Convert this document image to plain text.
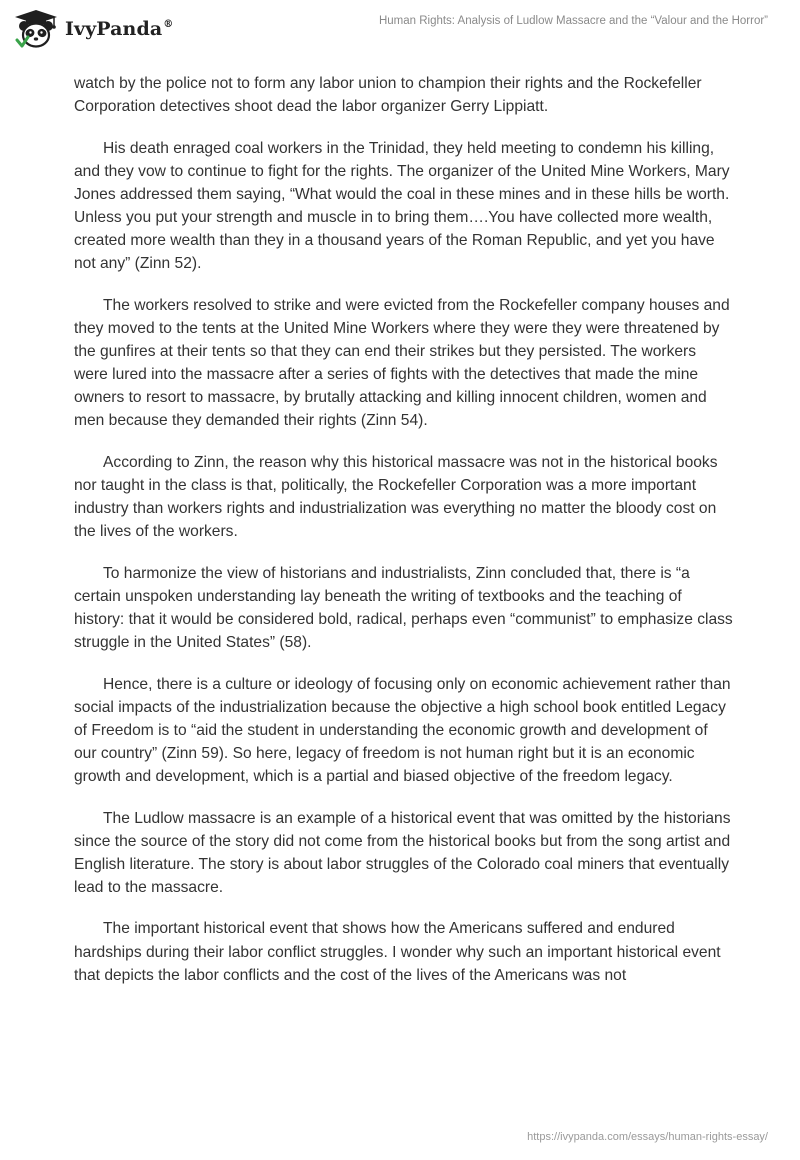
IvyPanda®	Human Rights: Analysis of Ludlow Massacre and the “Valour and the Horror”

watch by the police not to form any labor union to champion their rights and the Rockefeller Corporation detectives shoot dead the labor organizer Gerry Lippiatt.

His death enraged coal workers in the Trinidad, they held meeting to condemn his killing, and they vow to continue to fight for the rights. The organizer of the United Mine Workers, Mary Jones addressed them saying, “What would the coal in these mines and in these hills be worth. Unless you put your strength and muscle in to bring them….You have collected more wealth, created more wealth than they in a thousand years of the Roman Republic, and yet you have not any” (Zinn 52).

The workers resolved to strike and were evicted from the Rockefeller company houses and they moved to the tents at the United Mine Workers where they were they were threatened by the gunfires at their tents so that they can end their strikes but they persisted. The workers were lured into the massacre after a series of fights with the detectives that made the mine owners to resort to massacre, by brutally attacking and killing innocent children, women and men because they demanded their rights (Zinn 54).

According to Zinn, the reason why this historical massacre was not in the historical books nor taught in the class is that, politically, the Rockefeller Corporation was a more important industry than workers rights and industrialization was everything no matter the bloody cost on the lives of the workers.

To harmonize the view of historians and industrialists, Zinn concluded that, there is “a certain unspoken understanding lay beneath the writing of textbooks and the teaching of history: that it would be considered bold, radical, perhaps even “communist” to emphasize class struggle in the United States” (58).

Hence, there is a culture or ideology of focusing only on economic achievement rather than social impacts of the industrialization because the objective a high school book entitled Legacy of Freedom is to “aid the student in understanding the economic growth and development of our country” (Zinn 59). So here, legacy of freedom is not human right but it is an economic growth and development, which is a partial and biased objective of the freedom legacy.

The Ludlow massacre is an example of a historical event that was omitted by the historians since the source of the story did not come from the historical books but from the song artist and English literature. The story is about labor struggles of the Colorado coal miners that eventually lead to the massacre.

The important historical event that shows how the Americans suffered and endured hardships during their labor conflict struggles. I wonder why such an important historical event that depicts the labor conflicts and the cost of the lives of the Americans was not

https://ivypanda.com/essays/human-rights-essay/
